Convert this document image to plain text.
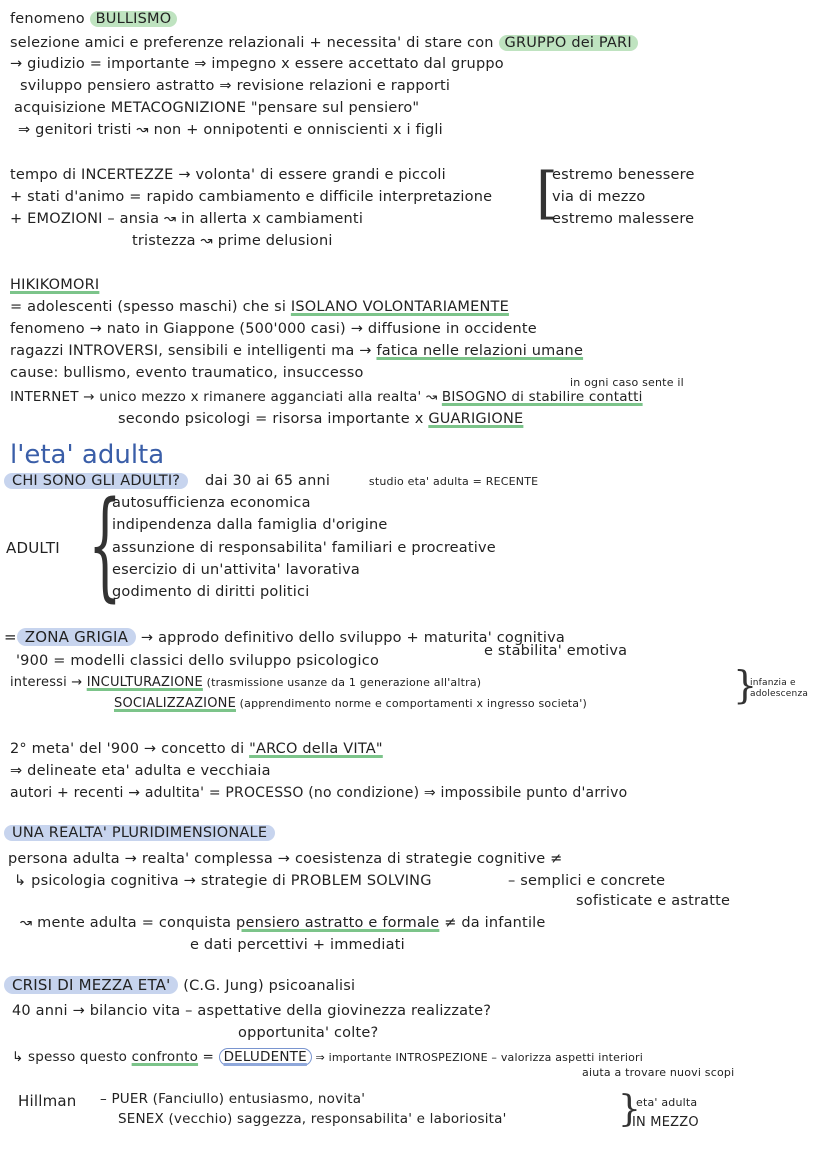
fenomeno BULLISMO
selezione amici e preferenze relazionali + necessita' di stare con GRUPPO dei PARI
→ giudizio = importante ⇒ impegno x essere accettato dal gruppo
sviluppo pensiero astratto ⇒ revisione relazioni e rapporti
acquisizione METACOGNIZIONE "pensare sul pensiero"
⇒ genitori tristi ↝ non + onnipotenti e onniscienti x i figli
tempo di INCERTEZZE → volonta' di essere grandi e piccoli
+ stati d'animo = rapido cambiamento e difficile interpretazione
+ EMOZIONI – ansia ↝ in allerta x cambiamenti
tristezza ↝ prime delusioni
[
estremo benessere
via di mezzo
estremo malessere
HIKIKOMORI
= adolescenti (spesso maschi) che si ISOLANO VOLONTARIAMENTE
fenomeno → nato in Giappone (500'000 casi) → diffusione in occidente
ragazzi INTROVERSI, sensibili e intelligenti ma → fatica nelle relazioni umane
cause: bullismo, evento traumatico, insuccesso
in ogni caso sente il
INTERNET → unico mezzo x rimanere agganciati alla realta' ↝ BISOGNO di stabilire contatti
secondo psicologi = risorsa importante x GUARIGIONE
l'eta' adulta
CHI SONO GLI ADULTI? dai 30 ai 65 anni	studio eta' adulta = RECENTE
ADULTI {
autosufficienza economica
indipendenza dalla famiglia d'origine
assunzione di responsabilita' familiari e procreative
esercizio di un'attivita' lavorativa
godimento di diritti politici
= ZONA GRIGIA → approdo definitivo dello sviluppo + maturita' cognitiva
e stabilita' emotiva
'900 = modelli classici dello sviluppo psicologico
interessi → INCULTURAZIONE (trasmissione usanze da 1 generazione all'altra)
SOCIALIZZAZIONE (apprendimento norme e comportamenti x ingresso societa')	}
infanzia e adolescenza
2° meta' del '900 → concetto di "ARCO della VITA"
⇒ delineate eta' adulta e vecchiaia
autori + recenti → adultita' = PROCESSO (no condizione) ⇒ impossibile punto d'arrivo
UNA REALTA' PLURIDIMENSIONALE
persona adulta → realta' complessa → coesistenza di strategie cognitive ≠
↳ psicologia cognitiva → strategie di PROBLEM SOLVING	– semplici e concrete
sofisticate e astratte
↝ mente adulta = conquista pensiero astratto e formale ≠ da infantile
e dati percettivi + immediati
CRISI DI MEZZA ETA' (C.G. Jung) psicoanalisi
40 anni → bilancio vita – aspettative della giovinezza realizzate?
opportunita' colte?
↳ spesso questo confronto = DELUDENTE ⇒ importante INTROSPEZIONE – valorizza aspetti interiori
aiuta a trovare nuovi scopi
Hillman – PUER (Fanciullo) entusiasmo, novita'
SENEX (vecchio) saggezza, responsabilita' e laboriosita'	}
eta' adulta
IN MEZZO
